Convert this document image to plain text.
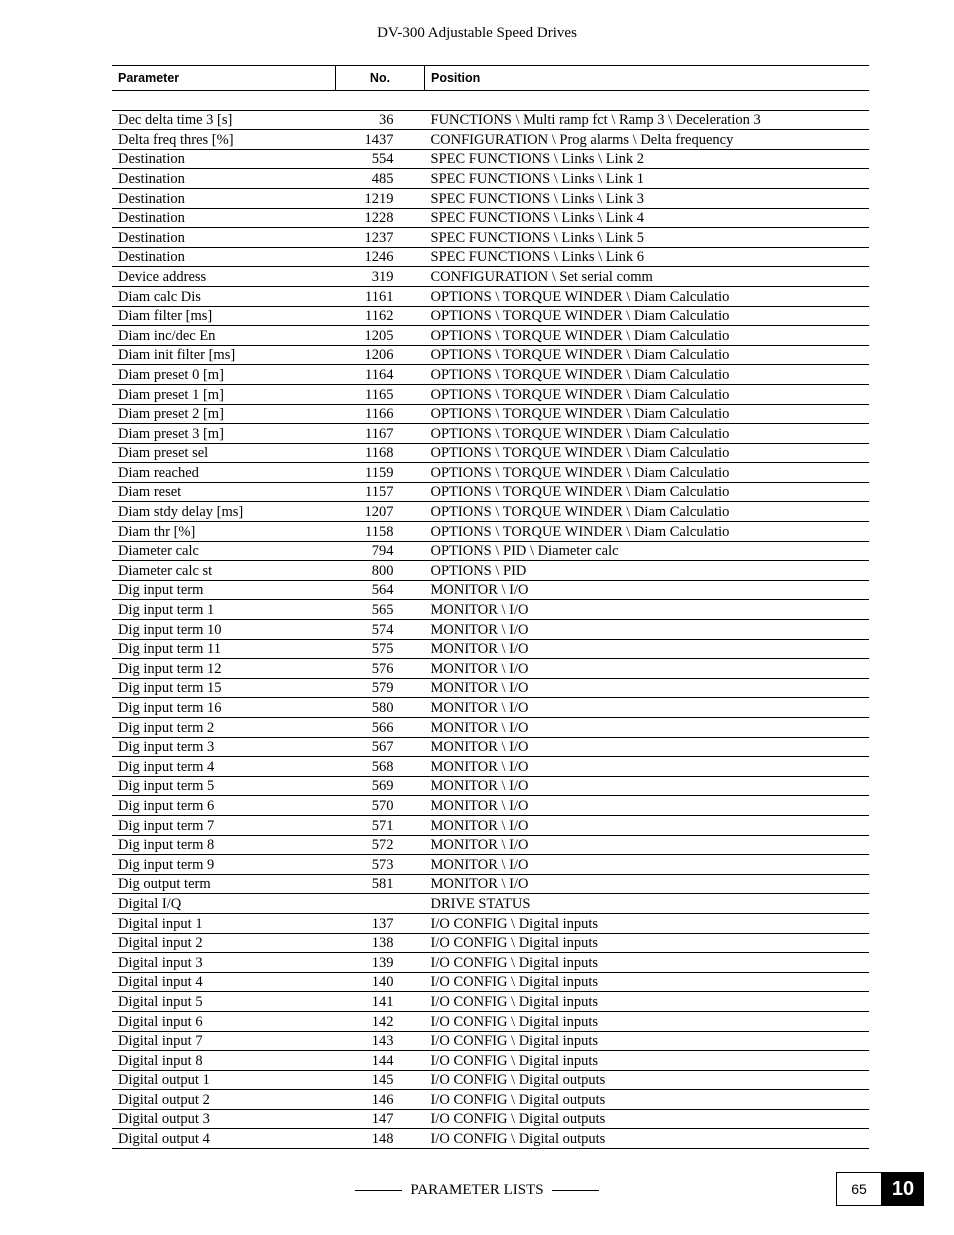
DV-300 Adjustable Speed Drives
Parameter	No.	Position

Dec delta time 3 [s]	36	FUNCTIONS \ Multi ramp fct \ Ramp 3 \ Deceleration 3
Delta freq thres [%]	1437	CONFIGURATION \ Prog alarms \ Delta frequency
Destination	554	SPEC FUNCTIONS \ Links \ Link 2
Destination	485	SPEC FUNCTIONS \ Links \ Link 1
Destination	1219	SPEC FUNCTIONS \ Links \ Link 3
Destination	1228	SPEC FUNCTIONS \ Links \ Link 4
Destination	1237	SPEC FUNCTIONS \ Links \ Link 5
Destination	1246	SPEC FUNCTIONS \ Links \ Link 6
Device address	319	CONFIGURATION \ Set serial comm
Diam calc Dis	1161	OPTIONS \ TORQUE WINDER \ Diam Calculatio
Diam filter [ms]	1162	OPTIONS \ TORQUE WINDER \ Diam Calculatio
Diam inc/dec En	1205	OPTIONS \ TORQUE WINDER \ Diam Calculatio
Diam init filter [ms]	1206	OPTIONS \ TORQUE WINDER \ Diam Calculatio
Diam preset 0 [m]	1164	OPTIONS \ TORQUE WINDER \ Diam Calculatio
Diam preset 1 [m]	1165	OPTIONS \ TORQUE WINDER \ Diam Calculatio
Diam preset 2 [m]	1166	OPTIONS \ TORQUE WINDER \ Diam Calculatio
Diam preset 3 [m]	1167	OPTIONS \ TORQUE WINDER \ Diam Calculatio
Diam preset sel	1168	OPTIONS \ TORQUE WINDER \ Diam Calculatio
Diam reached	1159	OPTIONS \ TORQUE WINDER \ Diam Calculatio
Diam reset	1157	OPTIONS \ TORQUE WINDER \ Diam Calculatio
Diam stdy delay [ms]	1207	OPTIONS \ TORQUE WINDER \ Diam Calculatio
Diam thr [%]	1158	OPTIONS \ TORQUE WINDER \ Diam Calculatio
Diameter calc	794	OPTIONS \ PID \ Diameter calc
Diameter calc st	800	OPTIONS \ PID
Dig input term	564	MONITOR \ I/O
Dig input term 1	565	MONITOR \ I/O
Dig input term 10	574	MONITOR \ I/O
Dig input term 11	575	MONITOR \ I/O
Dig input term 12	576	MONITOR \ I/O
Dig input term 15	579	MONITOR \ I/O
Dig input term 16	580	MONITOR \ I/O
Dig input term 2	566	MONITOR \ I/O
Dig input term 3	567	MONITOR \ I/O
Dig input term 4	568	MONITOR \ I/O
Dig input term 5	569	MONITOR \ I/O
Dig input term 6	570	MONITOR \ I/O
Dig input term 7	571	MONITOR \ I/O
Dig input term 8	572	MONITOR \ I/O
Dig input term 9	573	MONITOR \ I/O
Dig output term	581	MONITOR \ I/O
Digital I/Q		DRIVE STATUS
Digital input 1	137	I/O CONFIG \ Digital inputs
Digital input 2	138	I/O CONFIG \ Digital inputs
Digital input 3	139	I/O CONFIG \ Digital inputs
Digital input 4	140	I/O CONFIG \ Digital inputs
Digital input 5	141	I/O CONFIG \ Digital inputs
Digital input 6	142	I/O CONFIG \ Digital inputs
Digital input 7	143	I/O CONFIG \ Digital inputs
Digital input 8	144	I/O CONFIG \ Digital inputs
Digital output 1	145	I/O CONFIG \ Digital outputs
Digital output 2	146	I/O CONFIG \ Digital outputs
Digital output 3	147	I/O CONFIG \ Digital outputs
Digital output 4	148	I/O CONFIG \ Digital outputs
PARAMETER LISTS	65	10
